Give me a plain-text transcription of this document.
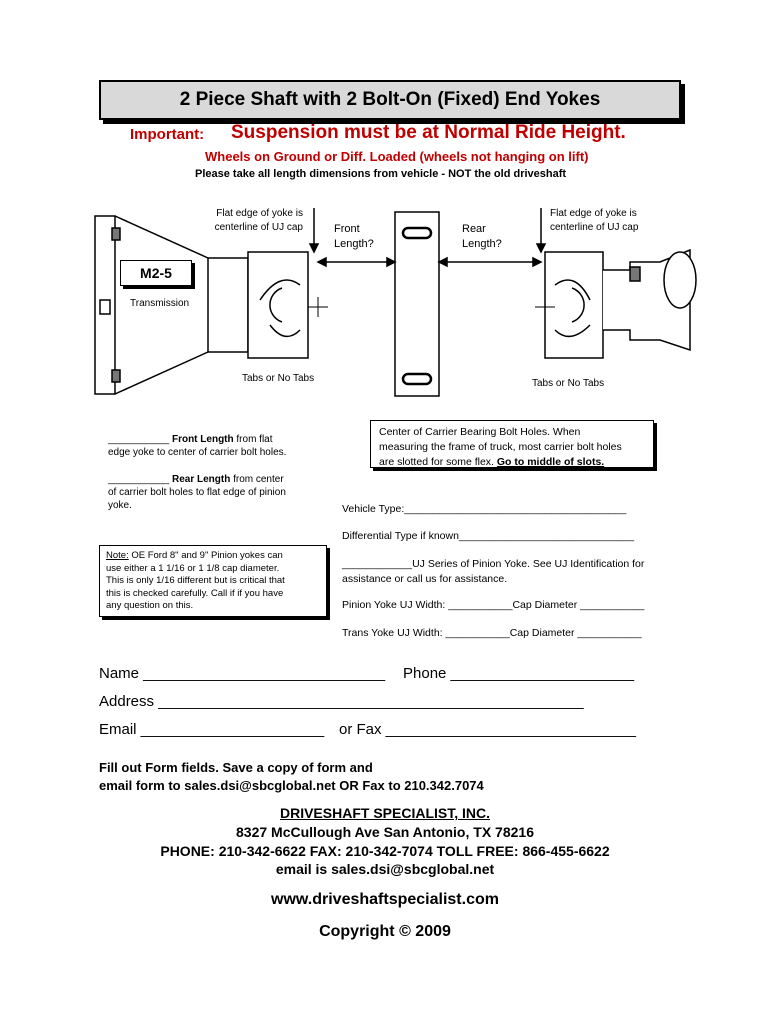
2 Piece Shaft with 2 Bolt-On (Fixed) End Yokes
Important: Suspension must be at Normal Ride Height.
Wheels on Ground or Diff. Loaded (wheels not hanging on lift)
Please take all length dimensions from vehicle - NOT the old driveshaft
Flat edge of yoke is
centerline of UJ cap	Front
Length?
Rear
Length?
Flat edge of yoke is
centerline of UJ cap
M2-5
Transmission
Tabs or No Tabs	Tabs or No Tabs
Center of Carrier Bearing Bolt Holes. When
measuring the frame of truck, most carrier bolt holes
are slotted for some flex. Go to middle of slots.
___________ Front Length from flat
edge yoke to center of carrier bolt holes.
___________ Rear Length from center
of carrier bolt holes to flat edge of pinion
yoke.
Note: OE Ford 8" and 9" Pinion yokes can
use either a 1 1/16 or 1 1/8 cap diameter.
This is only 1/16 different but is critical that
this is checked carefully. Call if if you have
any question on this.
Vehicle Type:______________________________________
Differential Type if known______________________________
____________UJ Series of Pinion Yoke. See UJ Identification for
assistance or call us for assistance.
Pinion Yoke UJ Width: ___________Cap Diameter ___________
Trans Yoke UJ Width: ___________Cap Diameter ___________
Name _____________________________ Phone ______________________
Address ___________________________________________________
Email ______________________ or Fax ______________________________
Fill out Form fields. Save a copy of form and
email form to sales.dsi@sbcglobal.net OR Fax to 210.342.7074
DRIVESHAFT SPECIALIST, INC.
8327 McCullough Ave San Antonio, TX 78216
PHONE: 210-342-6622 FAX: 210-342-7074 TOLL FREE: 866-455-6622
email is sales.dsi@sbcglobal.net
www.driveshaftspecialist.com
Copyright © 2009
